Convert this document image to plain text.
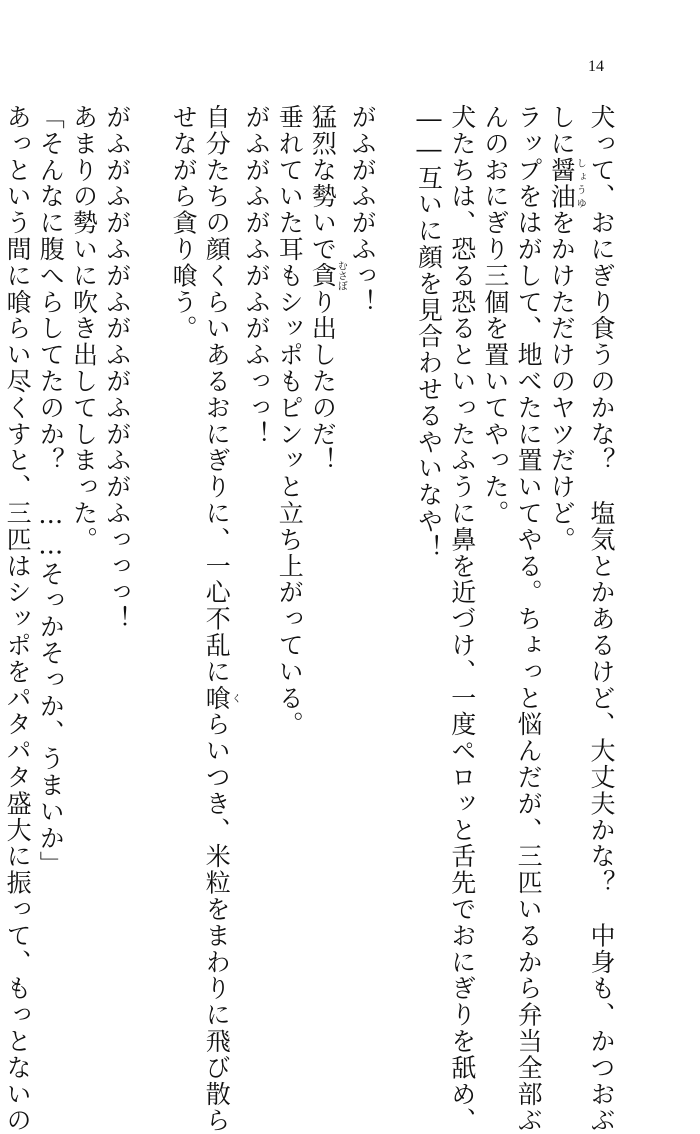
14
犬って、おにぎり食うのかな？　塩気とかあるけど、大丈夫かな？　中身も、かつおぶ
しに醤油しょうゆをかけただけのヤツだけど。
ラップをはがして、地べたに置いてやる。ちょっと悩んだが、三匹いるから弁当全部ぶ
んのおにぎり三個を置いてやった。
犬たちは、恐る恐るといったふうに鼻を近づけ、一度ペロッと舌先でおにぎりを舐め、
――互いに顔を見合わせるやいなや！
がふがふがふっ！
猛烈な勢いで貪むさぼり出したのだ！
垂れていた耳もシッポもピンッと立ち上がっている。
がふがふがふがふがふっっ！
自分たちの顔くらいあるおにぎりに、一心不乱に喰くらいつき、米粒をまわりに飛び散ら
せながら貪り喰う。
がふがふがふがふがふがふがふがふっっっ！
あまりの勢いに吹き出してしまった。
「そんなに腹へらしてたのか？　……そっかそっか、うまいか」
あっという間に喰らい尽くすと、三匹はシッポをパタパタ盛大に振って、もっとないの
